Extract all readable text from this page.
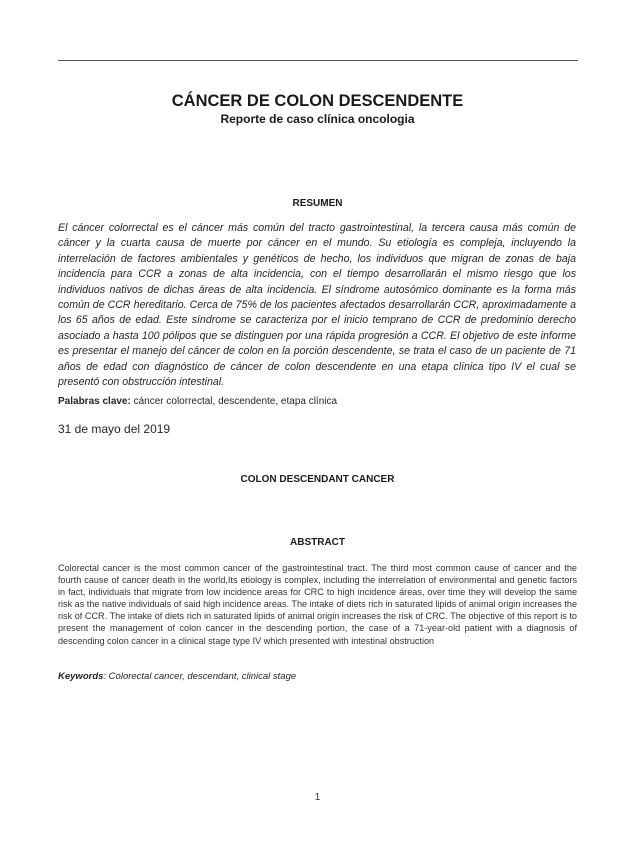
CÁNCER DE COLON DESCENDENTE
Reporte de caso clínica oncologia
RESUMEN
El cáncer colorrectal es el cáncer más común del tracto gastrointestinal, la tercera causa más común de cáncer y la cuarta causa de muerte por cáncer en el mundo. Su etiología es compleja, incluyendo la interrelación de factores ambientales y genéticos de hecho, los individuos que migran de zonas de baja incidencia para CCR a zonas de alta incidencia, con el tiempo desarrollarán el mismo riesgo que los individuos nativos de dichas áreas de alta incidencia. El síndrome autosómico dominante es la forma más común de CCR hereditario. Cerca de 75% de los pacientes afectados desarrollarán CCR, aproximadamente a los 65 años de edad. Este síndrome se caracteriza por el inicio temprano de CCR de predominio derecho asociado a hasta 100 pólipos que se distinguen por una rápida progresión a CCR. El objetivo de este informe es presentar el manejo del cáncer de colon en la porción descendente, se trata el caso de un paciente de 71 años de edad con diagnóstico de cáncer de colon descendente en una etapa clínica tipo IV el cual se presentó con obstrucción intestinal.
Palabras clave: cáncer colorrectal, descendente, etapa clínica
31 de mayo del 2019
COLON DESCENDANT CANCER
ABSTRACT
Colorectal cancer is the most common cancer of the gastrointestinal tract. The third most common cause of cancer and the fourth cause of cancer death in the world,Its etiology is complex, including the interrelation of environmental and genetic factors in fact, individuals that migrate from low incidence areas for CRC to high incidence áreas, over time they will develop the same risk as the native individuals of said high incidence areas. The intake of diets rich in saturated lipids of animal origin increases the risk of CCR. The intake of diets rich in saturated lipids of animal origin increases the risk of CRC. The objective of this report is to present the management of colon cancer in the descending portion, the case of a 71-year-old patient with a diagnosis of descending colon cancer in a clinical stage type IV which presented with intestinal obstruction
Keywords: Colorectal cancer, descendant, clinical stage
1
